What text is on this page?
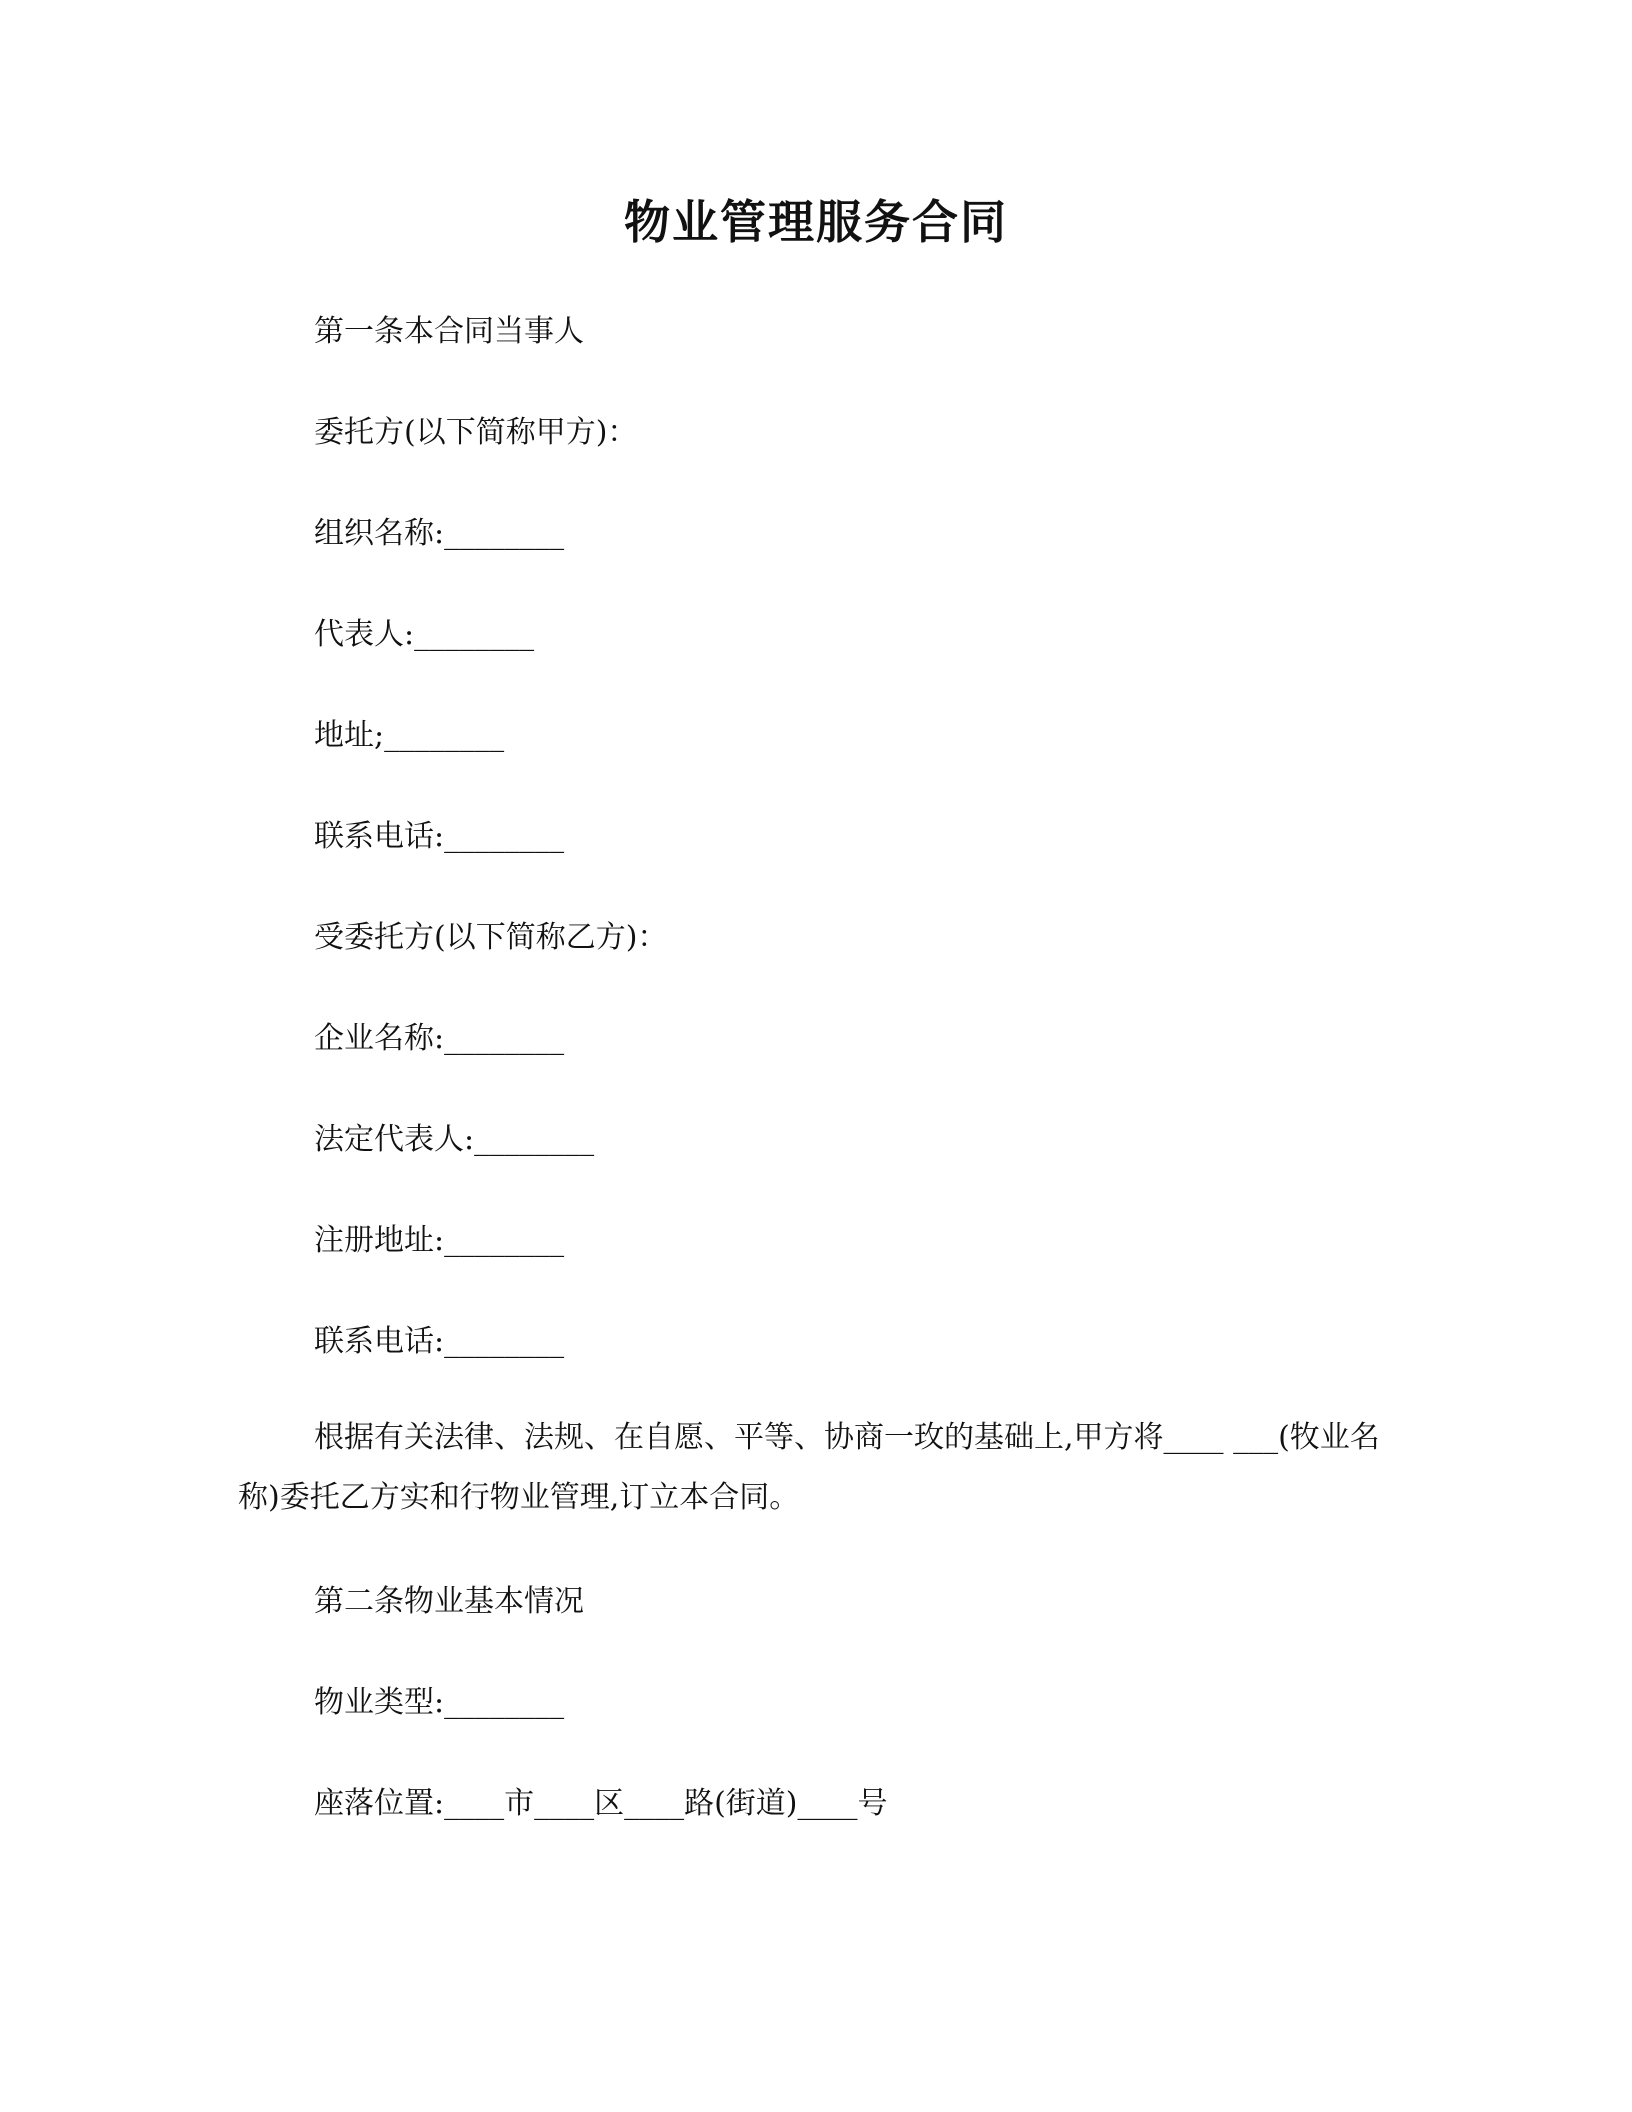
物业管理服务合同
第一条本合同当事人
委托方(以下简称甲方)：
组织名称:________
代表人:________
地址;________
联系电话:________
受委托方(以下简称乙方)：
企业名称:________
法定代表人:________
注册地址:________
联系电话:________
根据有关法律、法规、在自愿、平等、协商一玫的基础上,甲方将____ ___(牧业名称)委托乙方实和行物业管理,订立本合同。
第二条物业基本情况
物业类型:________
座落位置:____市____区____路(街道)____号
